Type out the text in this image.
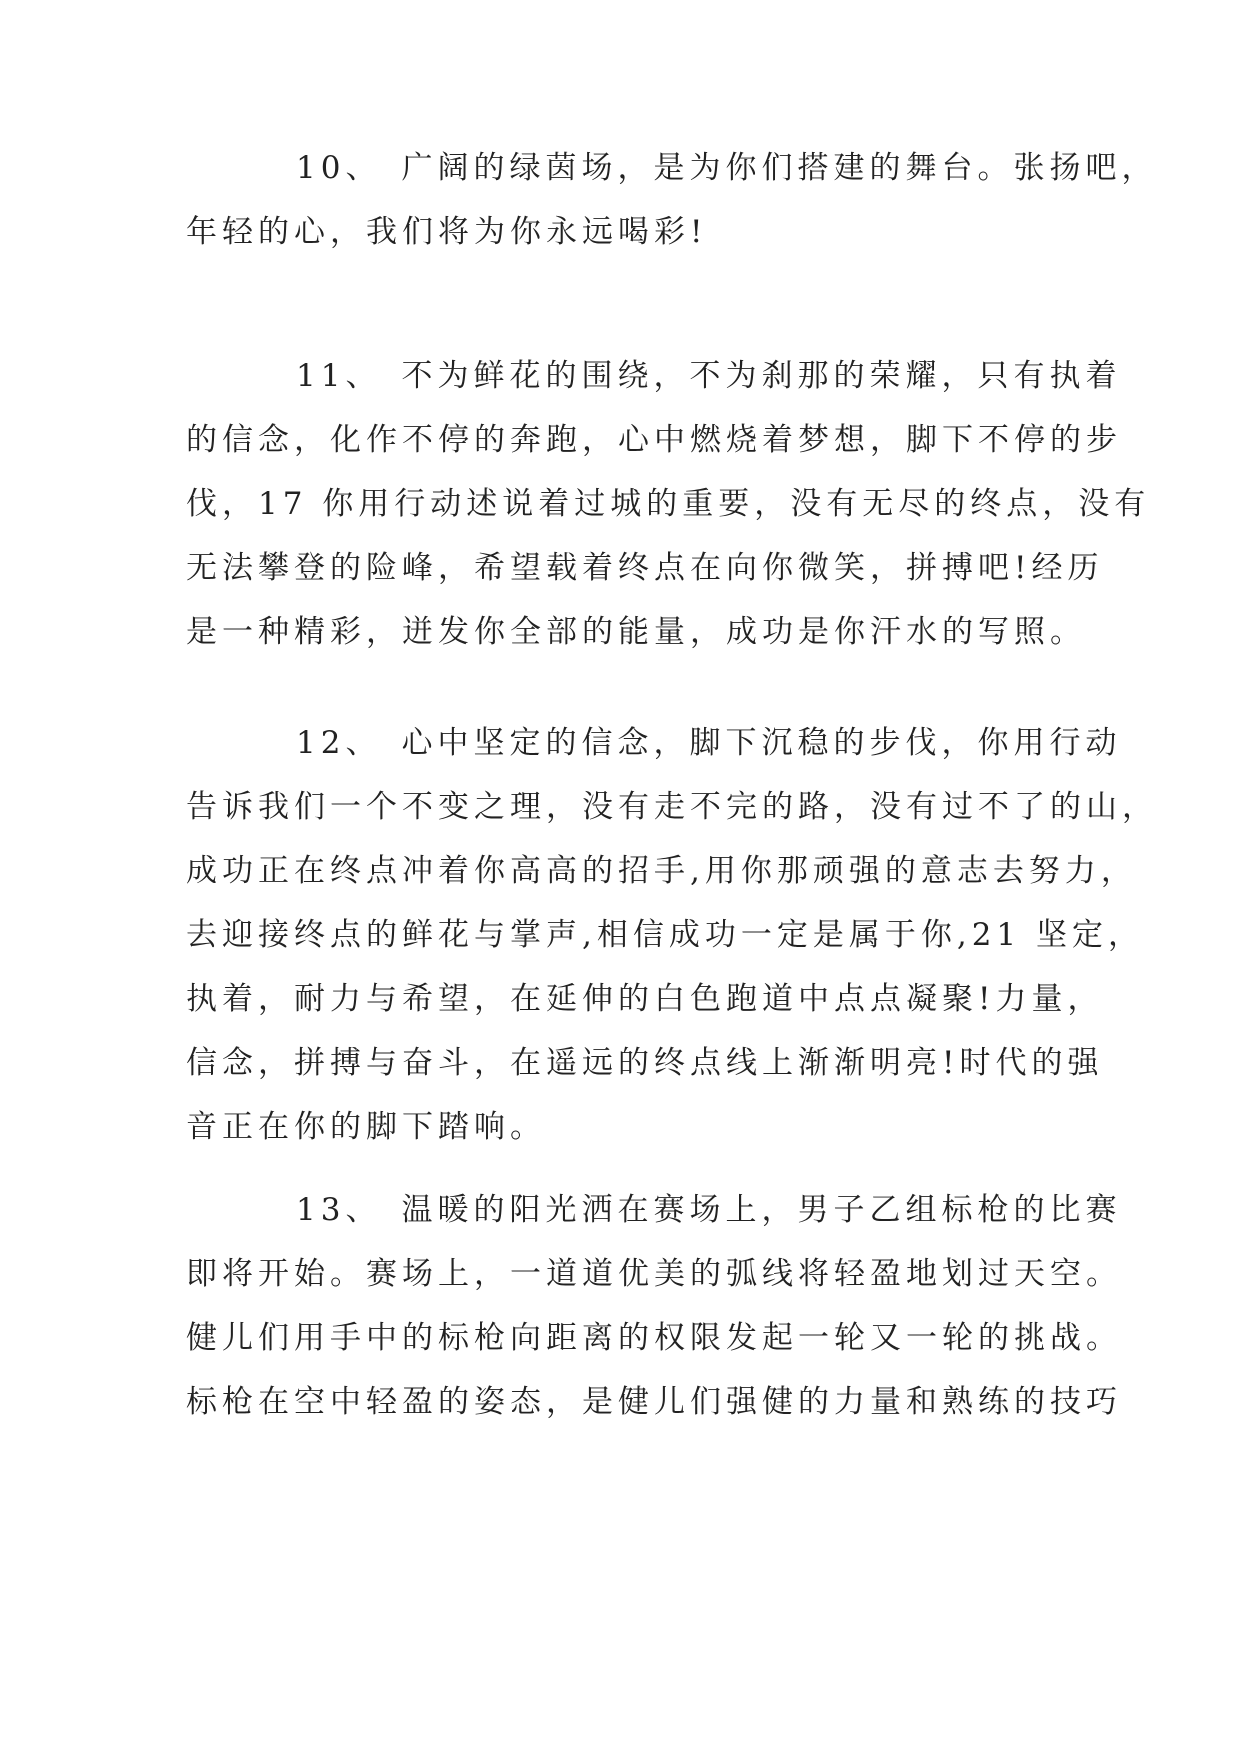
10、 广阔的绿茵场，是为你们搭建的舞台。张扬吧，
年轻的心，我们将为你永远喝彩!

11、 不为鲜花的围绕，不为刹那的荣耀，只有执着
的信念，化作不停的奔跑，心中燃烧着梦想，脚下不停的步
伐，17 你用行动述说着过城的重要，没有无尽的终点，没有
无法攀登的险峰，希望载着终点在向你微笑，拼搏吧!经历
是一种精彩，迸发你全部的能量，成功是你汗水的写照。

12、 心中坚定的信念，脚下沉稳的步伐，你用行动
告诉我们一个不变之理，没有走不完的路，没有过不了的山，
成功正在终点冲着你高高的招手,用你那顽强的意志去努力，
去迎接终点的鲜花与掌声,相信成功一定是属于你,21 坚定，
执着，耐力与希望，在延伸的白色跑道中点点凝聚!力量，
信念，拼搏与奋斗，在遥远的终点线上渐渐明亮!时代的强
音正在你的脚下踏响。

13、 温暖的阳光洒在赛场上，男子乙组标枪的比赛
即将开始。赛场上，一道道优美的弧线将轻盈地划过天空。
健儿们用手中的标枪向距离的权限发起一轮又一轮的挑战。
标枪在空中轻盈的姿态，是健儿们强健的力量和熟练的技巧
